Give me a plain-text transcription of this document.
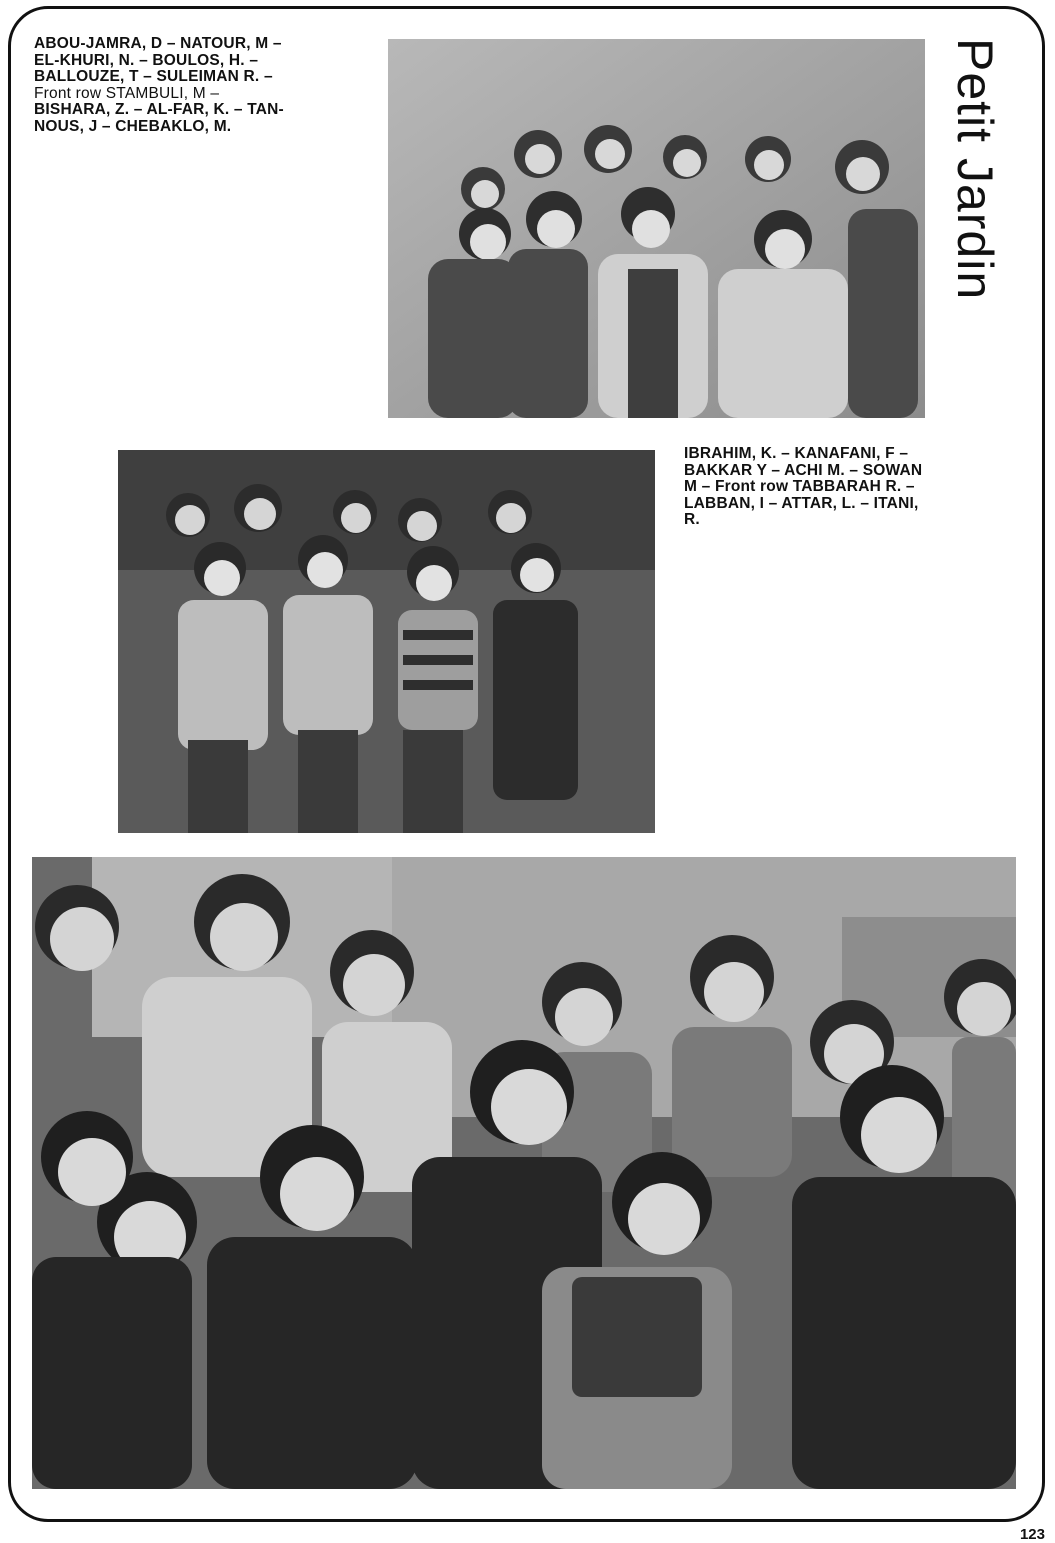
ABOU-JAMRA, D – NATOUR, M –
EL-KHURI, N. – BOULOS, H. –
BALLOUZE, T – SULEIMAN R. –
Front row STAMBULI, M –
BISHARA, Z. – AL-FAR, K. – TAN-
NOUS, J – CHEBAKLO, M.	Petit Jardin
IBRAHIM, K. – KANAFANI, F –
BAKKAR Y – ACHI M. – SOWAN
M – Front row TABBARAH R. –
LABBAN, I – ATTAR, L. – ITANI,
R.
123
